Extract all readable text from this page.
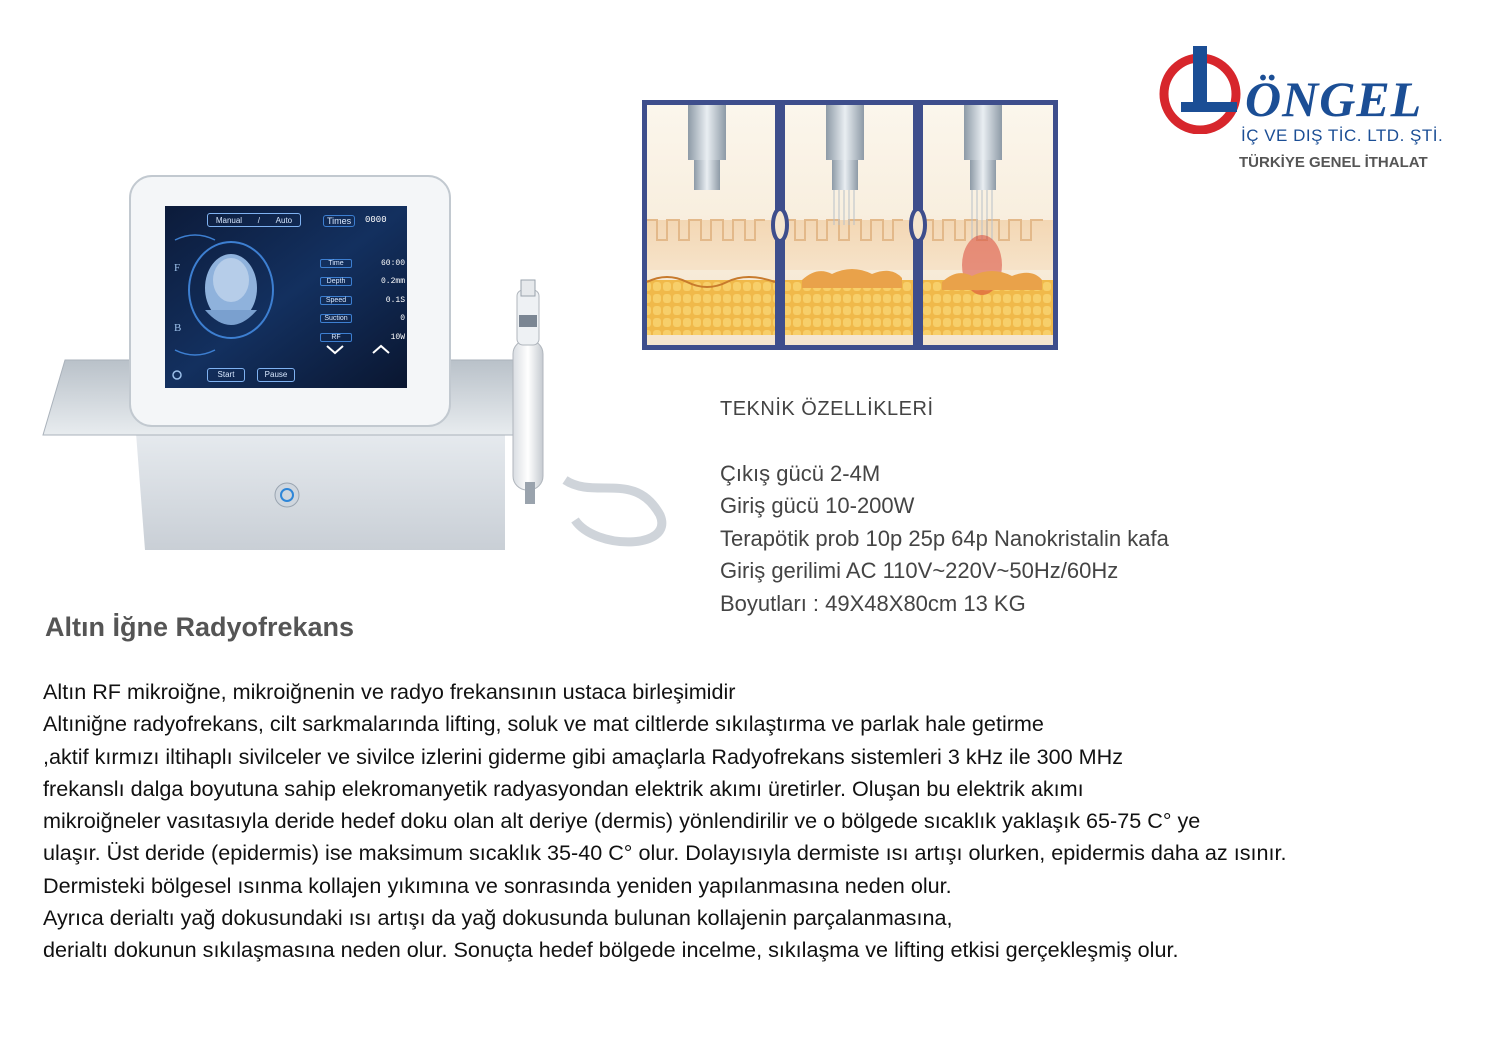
ÖNGEL
İÇ VE DIŞ TİC. LTD. ŞTİ.
TÜRKİYE GENEL İTHALAT
Manual / Auto	Times	0000
F
B
Time	60:00
Depth	0.2mm
Speed	0.1S
Suction	0
RF	10W
Start	Pause
TEKNİK ÖZELLİKLERİ
Çıkış gücü 2-4M
Giriş gücü 10-200W
Terapötik prob 10p 25p 64p Nanokristalin kafa
Giriş gerilimi AC 110V~220V~50Hz/60Hz
Boyutları : 49X48X80cm 13 KG
Altın İğne Radyofrekans
Altın RF mikroiğne, mikroiğnenin ve radyo frekansının ustaca birleşimidir
Altıniğne radyofrekans, cilt sarkmalarında lifting, soluk ve mat ciltlerde sıkılaştırma ve parlak hale getirme
,aktif kırmızı iltihaplı sivilceler ve sivilce izlerini giderme gibi amaçlarla Radyofrekans sistemleri 3 kHz ile 300 MHz
frekanslı dalga boyutuna sahip elekromanyetik radyasyondan elektrik akımı üretirler. Oluşan bu elektrik akımı
mikroiğneler vasıtasıyla deride hedef doku olan alt deriye (dermis) yönlendirilir ve o bölgede sıcaklık yaklaşık 65-75 C° ye
ulaşır. Üst deride (epidermis) ise maksimum sıcaklık 35-40 C° olur. Dolayısıyla dermiste ısı artışı olurken, epidermis daha az ısınır.
Dermisteki bölgesel ısınma kollajen yıkımına ve sonrasında yeniden yapılanmasına neden olur.
Ayrıca derialtı yağ dokusundaki ısı artışı da yağ dokusunda bulunan kollajenin parçalanmasına,
derialtı dokunun sıkılaşmasına neden olur. Sonuçta hedef bölgede incelme, sıkılaşma ve lifting etkisi gerçekleşmiş olur.
